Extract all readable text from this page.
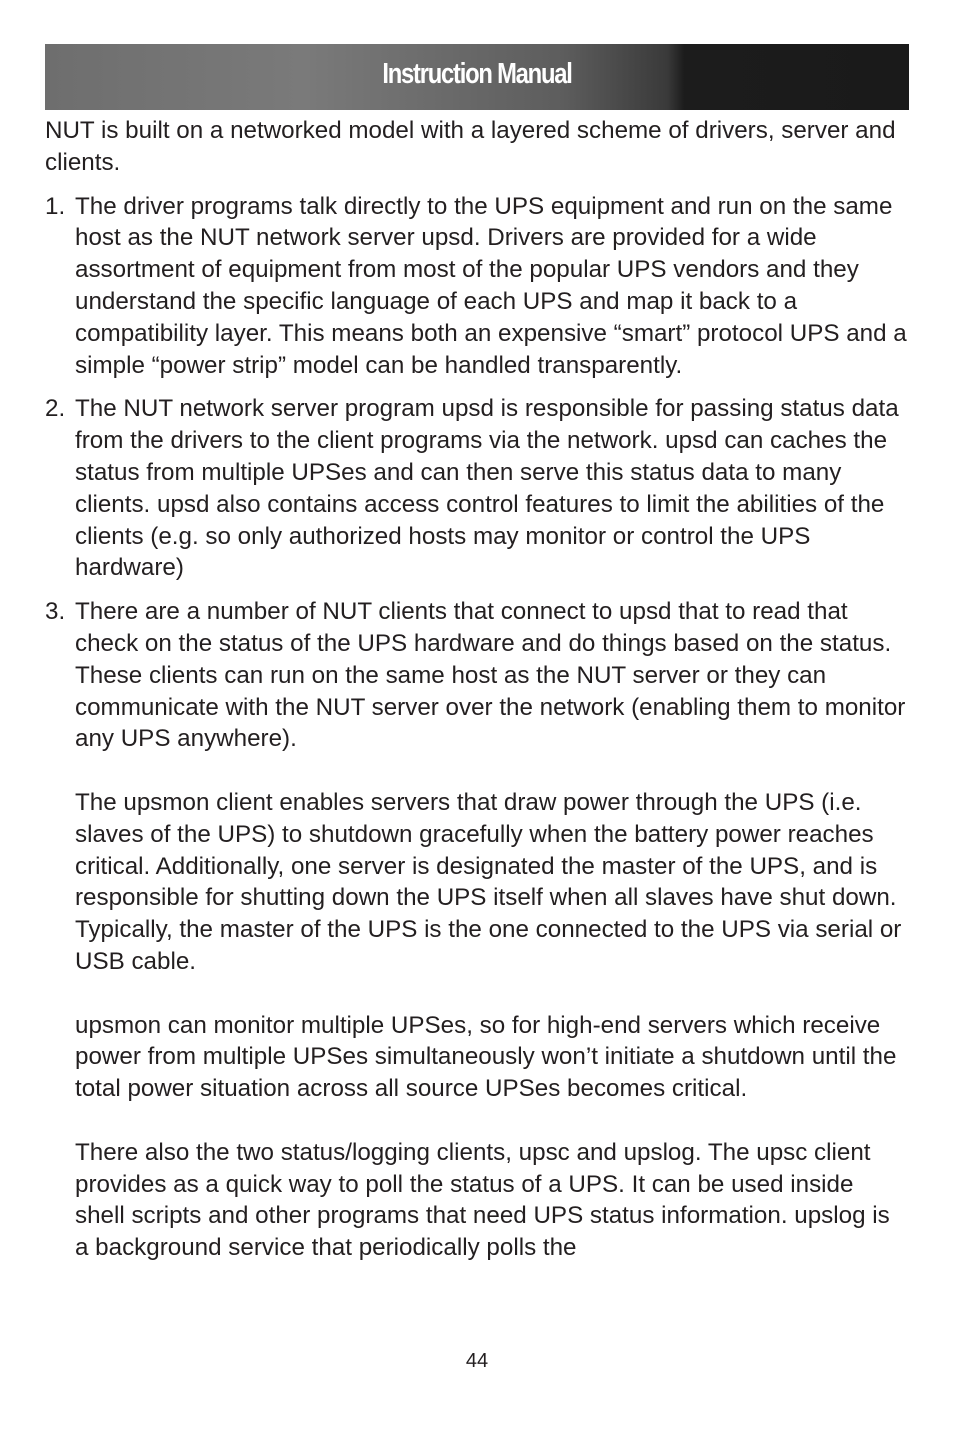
Instruction Manual

NUT is built on a networked model with a layered scheme of drivers, server and clients.

1. The driver programs talk directly to the UPS equipment and run on the same host as the NUT network server upsd. Drivers are provided for a wide assortment of equipment from most of the popular UPS vendors and they understand the specific language of each UPS and map it back to a compatibility layer. This means both an expensive “smart” protocol UPS and a simple “power strip” model can be handled transparently.

2. The NUT network server program upsd is responsible for passing status data from the drivers to the client programs via the network. upsd can caches the status from multiple UPSes and can then serve this status data to many clients. upsd also contains access control features to limit the abilities of the clients (e.g. so only authorized hosts may monitor or control the UPS hardware)

3. There are a number of NUT clients that connect to upsd that to read that check on the status of the UPS hardware and do things based on the status. These clients can run on the same host as the NUT server or they can communicate with the NUT server over the network (enabling them to monitor any UPS anywhere).

The upsmon client enables servers that draw power through the UPS (i.e. slaves of the UPS) to shutdown gracefully when the battery power reaches critical. Additionally, one server is designated the master of the UPS, and is responsible for shutting down the UPS itself when all slaves have shut down. Typically, the master of the UPS is the one connected to the UPS via serial or USB cable.

upsmon can monitor multiple UPSes, so for high-end servers which receive power from multiple UPSes simultaneously won’t initiate a shutdown until the total power situation across all source UPSes becomes critical.

There also the two status/logging clients, upsc and upslog. The upsc client provides as a quick way to poll the status of a UPS. It can be used inside shell scripts and other programs that need UPS status information. upslog is a background service that periodically polls the

44
